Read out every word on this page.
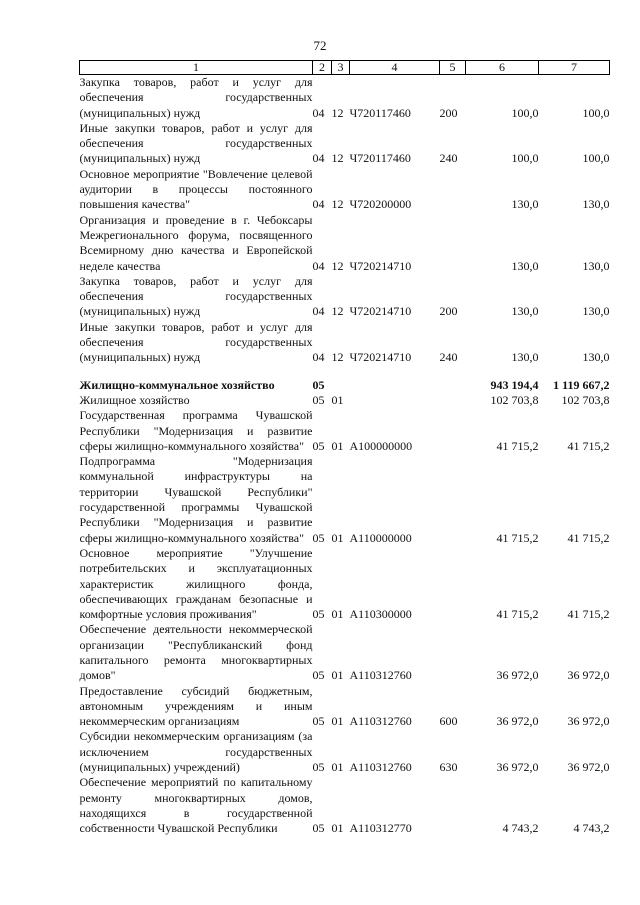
72
1	2	3	4	5	6	7
Закупка товаров, работ и услуг для обеспечения государственных (муниципальных) нужд	04	12	Ч720117460	200	100,0	100,0
Иные закупки товаров, работ и услуг для обеспечения государственных (муниципальных) нужд	04	12	Ч720117460	240	100,0	100,0
Основное мероприятие "Вовлечение целевой аудитории в процессы постоянного повышения качества"	04	12	Ч720200000		130,0	130,0
Организация и проведение в г. Чебоксары Межрегионального форума, посвященного Всемирному дню качества и Европейской неделе качества	04	12	Ч720214710		130,0	130,0
Закупка товаров, работ и услуг для обеспечения государственных (муниципальных) нужд	04	12	Ч720214710	200	130,0	130,0
Иные закупки товаров, работ и услуг для обеспечения государственных (муниципальных) нужд	04	12	Ч720214710	240	130,0	130,0

Жилищно-коммунальное хозяйство	05				943 194,4	1 119 667,2
Жилищное хозяйство	05	01			102 703,8	102 703,8
Государственная программа Чувашской Республики "Модернизация и развитие сферы жилищно-коммунального хозяйства"	05	01	А100000000		41 715,2	41 715,2
Подпрограмма "Модернизация коммунальной инфраструктуры на территории Чувашской Республики" государственной программы Чувашской Республики "Модернизация и развитие сферы жилищно-коммунального хозяйства"	05	01	А110000000		41 715,2	41 715,2
Основное мероприятие "Улучшение потребительских и эксплуатационных характеристик жилищного фонда, обеспечивающих гражданам безопасные и комфортные условия проживания"	05	01	А110300000		41 715,2	41 715,2
Обеспечение деятельности некоммерческой организации "Республиканский фонд капитального ремонта многоквартирных домов"	05	01	А110312760		36 972,0	36 972,0
Предоставление субсидий бюджетным, автономным учреждениям и иным некоммерческим организациям	05	01	А110312760	600	36 972,0	36 972,0
Субсидии некоммерческим организациям (за исключением государственных (муниципальных) учреждений)	05	01	А110312760	630	36 972,0	36 972,0
Обеспечение мероприятий по капитальному ремонту многоквартирных домов, находящихся в государственной собственности Чувашской Республики	05	01	А110312770		4 743,2	4 743,2
